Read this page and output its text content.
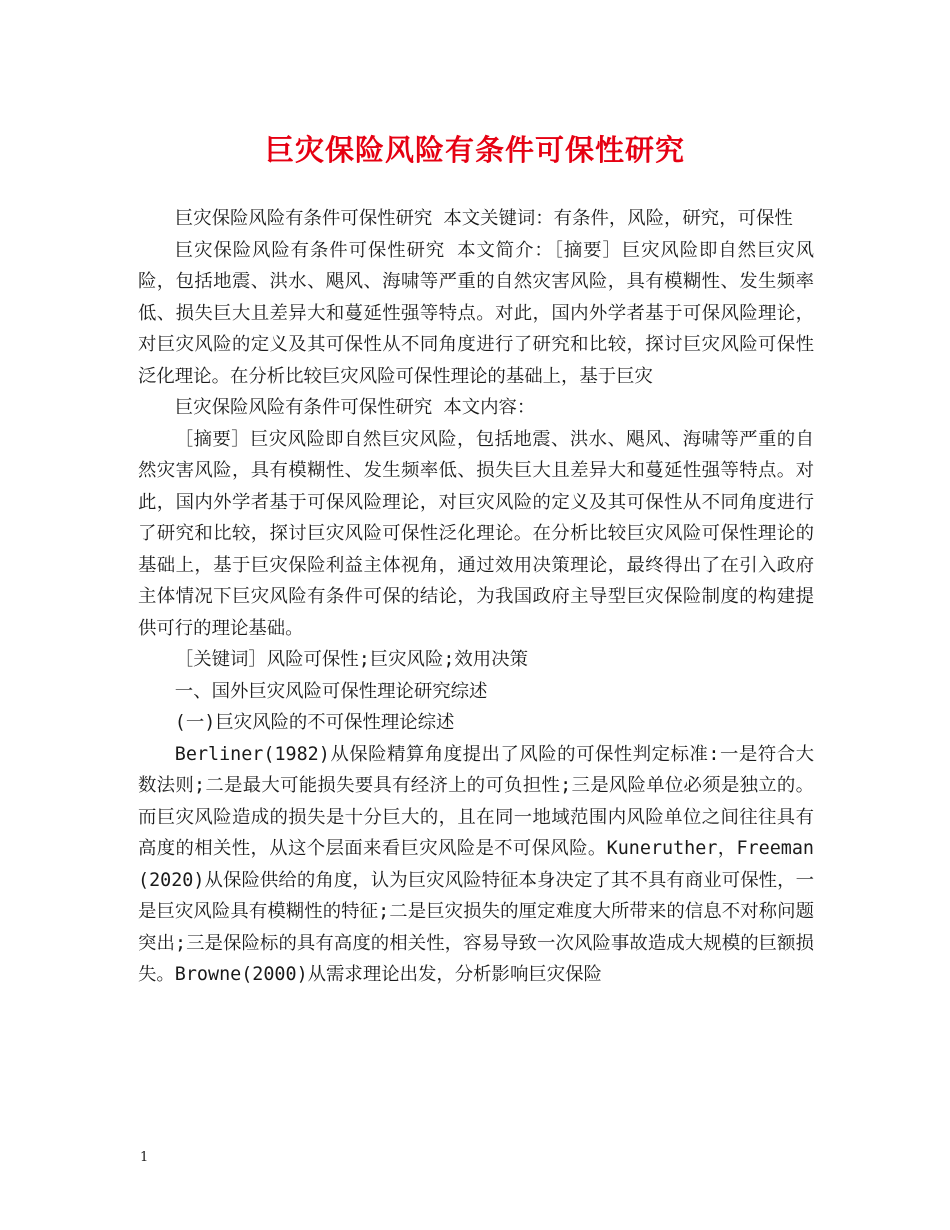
巨灾保险风险有条件可保性研究

巨灾保险风险有条件可保性研究 本文关键词：有条件，风险，研究，可保性

巨灾保险风险有条件可保性研究 本文简介：［摘要］巨灾风险即自然巨灾风险，包括地震、洪水、飓风、海啸等严重的自然灾害风险，具有模糊性、发生频率低、损失巨大且差异大和蔓延性强等特点。对此，国内外学者基于可保风险理论，对巨灾风险的定义及其可保性从不同角度进行了研究和比较，探讨巨灾风险可保性泛化理论。在分析比较巨灾风险可保性理论的基础上，基于巨灾

巨灾保险风险有条件可保性研究 本文内容：

［摘要］巨灾风险即自然巨灾风险，包括地震、洪水、飓风、海啸等严重的自然灾害风险，具有模糊性、发生频率低、损失巨大且差异大和蔓延性强等特点。对此，国内外学者基于可保风险理论，对巨灾风险的定义及其可保性从不同角度进行了研究和比较，探讨巨灾风险可保性泛化理论。在分析比较巨灾风险可保性理论的基础上，基于巨灾保险利益主体视角，通过效用决策理论，最终得出了在引入政府主体情况下巨灾风险有条件可保的结论，为我国政府主导型巨灾保险制度的构建提供可行的理论基础。

［关键词］风险可保性;巨灾风险;效用决策

一、国外巨灾风险可保性理论研究综述

(一)巨灾风险的不可保性理论综述

Berliner(1982)从保险精算角度提出了风险的可保性判定标准:一是符合大数法则;二是最大可能损失要具有经济上的可负担性;三是风险单位必须是独立的。而巨灾风险造成的损失是十分巨大的，且在同一地域范围内风险单位之间往往具有高度的相关性，从这个层面来看巨灾风险是不可保风险。Kuneruther，Freeman(2020)从保险供给的角度，认为巨灾风险特征本身决定了其不具有商业可保性，一是巨灾风险具有模糊性的特征;二是巨灾损失的厘定难度大所带来的信息不对称问题突出;三是保险标的具有高度的相关性，容易导致一次风险事故造成大规模的巨额损失。Browne(2000)从需求理论出发，分析影响巨灾保险

1
